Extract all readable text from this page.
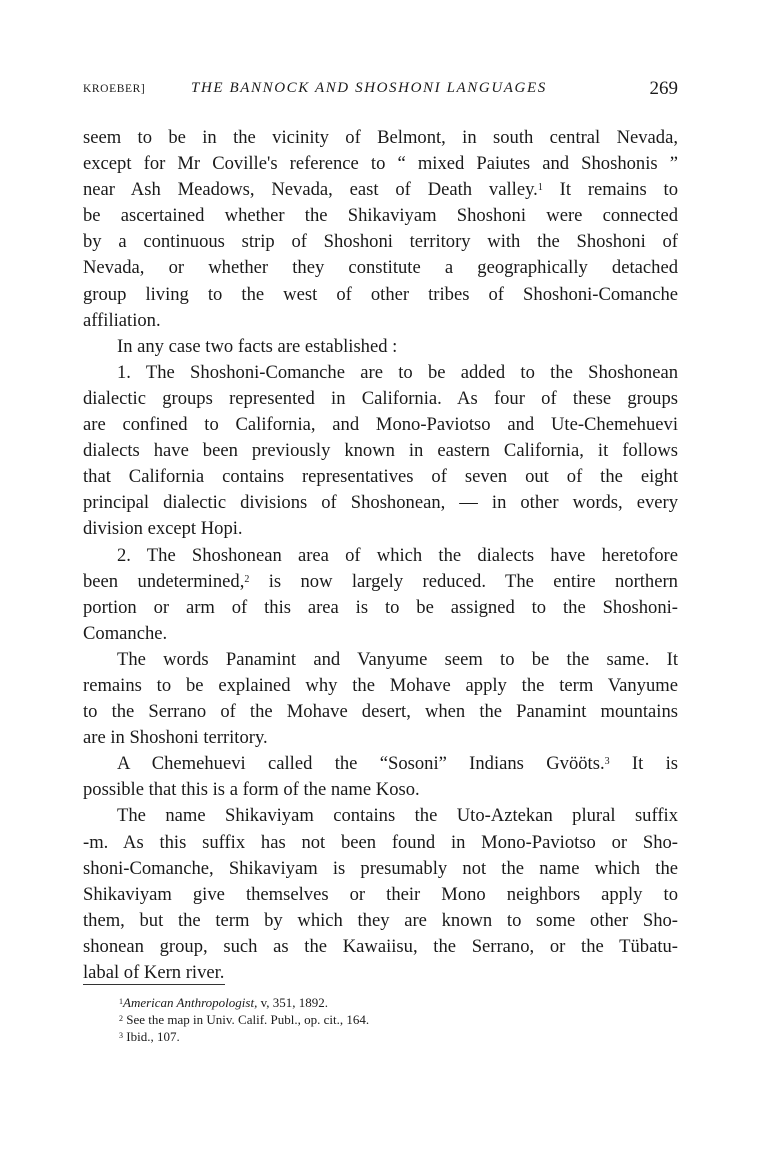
KROEBER]	THE BANNOCK AND SHOSHONI LANGUAGES	269
seem to be in the vicinity of Belmont, in south central Nevada,
except for Mr Coville's reference to “ mixed Paiutes and Shoshonis ”
near Ash Meadows, Nevada, east of Death valley.$^1$ It remains to
be ascertained whether the Shikaviyam Shoshoni were connected
by a continuous strip of Shoshoni territory with the Shoshoni of
Nevada, or whether they constitute a geographically detached
group living to the west of other tribes of Shoshoni-Comanche
affiliation.
In any case two facts are established :
1. The Shoshoni-Comanche are to be added to the Shoshonean
dialectic groups represented in California. As four of these groups
are confined to California, and Mono-Paviotso and Ute-Chemehuevi
dialects have been previously known in eastern California, it follows
that California contains representatives of seven out of the eight
principal dialectic divisions of Shoshonean, — in other words, every
division except Hopi.
2. The Shoshonean area of which the dialects have heretofore
been undetermined,$^2$ is now largely reduced. The entire northern
portion or arm of this area is to be assigned to the Shoshoni-
Comanche.
The words Panamint and Vanyume seem to be the same. It
remains to be explained why the Mohave apply the term Vanyume
to the Serrano of the Mohave desert, when the Panamint mountains
are in Shoshoni territory.
A Chemehuevi called the “Sosoni” Indians Gvööts.$^3$ It is
possible that this is a form of the name Koso.
The name Shikaviyam contains the Uto-Aztekan plural suffix
-m. As this suffix has not been found in Mono-Paviotso or Sho-
shoni-Comanche, Shikaviyam is presumably not the name which the
Shikaviyam give themselves or their Mono neighbors apply to
them, but the term by which they are known to some other Sho-
shonean group, such as the Kawaiisu, the Serrano, or the Tübatu-
labal of Kern river.
$^1$American Anthropologist, v, 351, 1892.
$^2$ See the map in Univ. Calif. Publ., op. cit., 164.
$^3$ Ibid., 107.
